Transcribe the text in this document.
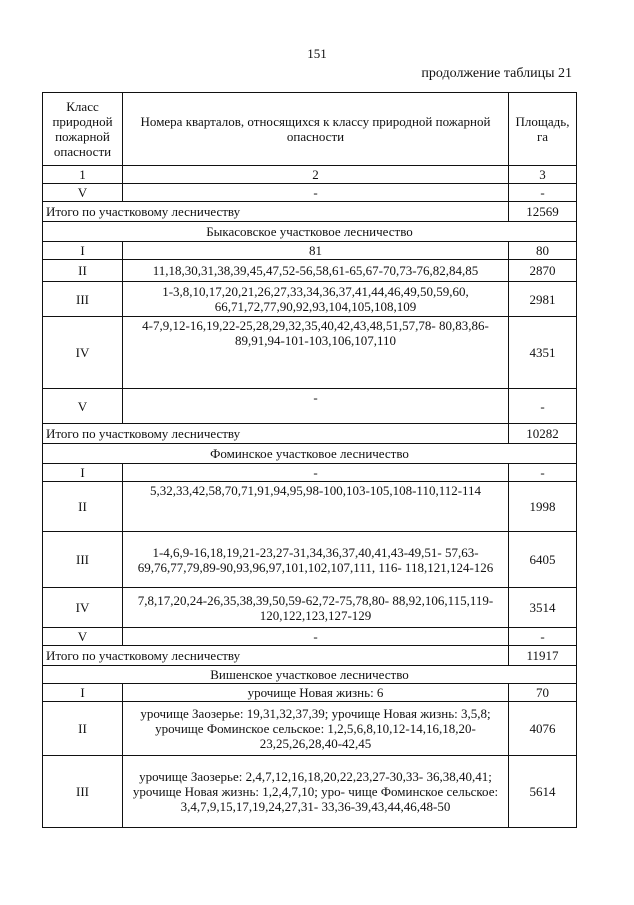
151
продолжение таблицы 21
Класс природной пожарной опасности	Номера кварталов, относящихся к классу природной пожарной опасности	Площадь, га
1	2	3
V	-	-
Итого по участковому лесничеству		12569
Быкасовское участковое лесничество		
I	81	80
II	11,18,30,31,38,39,45,47,52-56,58,61-65,67-70,73-76,82,84,85	2870
III	1-3,8,10,17,20,21,26,27,33,34,36,37,41,44,46,49,50,59,60, 66,71,72,77,90,92,93,104,105,108,109	2981
IV	4-7,9,12-16,19,22-25,28,29,32,35,40,42,43,48,51,57,78- 80,83,86-89,91,94-101-103,106,107,110	4351
V	-	-
Итого по участковому лесничеству		10282
Фоминское участковое лесничество		
I	-	-
II	5,32,33,42,58,70,71,91,94,95,98-100,103-105,108-110,112-114	1998
III	1-4,6,9-16,18,19,21-23,27-31,34,36,37,40,41,43-49,51- 57,63-69,76,77,79,89-90,93,96,97,101,102,107,111, 116- 118,121,124-126	6405
IV	7,8,17,20,24-26,35,38,39,50,59-62,72-75,78,80- 88,92,106,115,119-120,122,123,127-129	3514
V	-	-
Итого по участковому лесничеству		11917
Вишенское участковое лесничество		
I	урочище Новая жизнь: 6	70
II	урочище Заозерье: 19,31,32,37,39; урочище Новая жизнь: 3,5,8; урочище Фоминское сельское: 1,2,5,6,8,10,12-14,16,18,20-23,25,26,28,40-42,45	4076
III	урочище Заозерье: 2,4,7,12,16,18,20,22,23,27-30,33- 36,38,40,41; урочище Новая жизнь: 1,2,4,7,10; уро- чище Фоминское сельское: 3,4,7,9,15,17,19,24,27,31- 33,36-39,43,44,46,48-50	5614
